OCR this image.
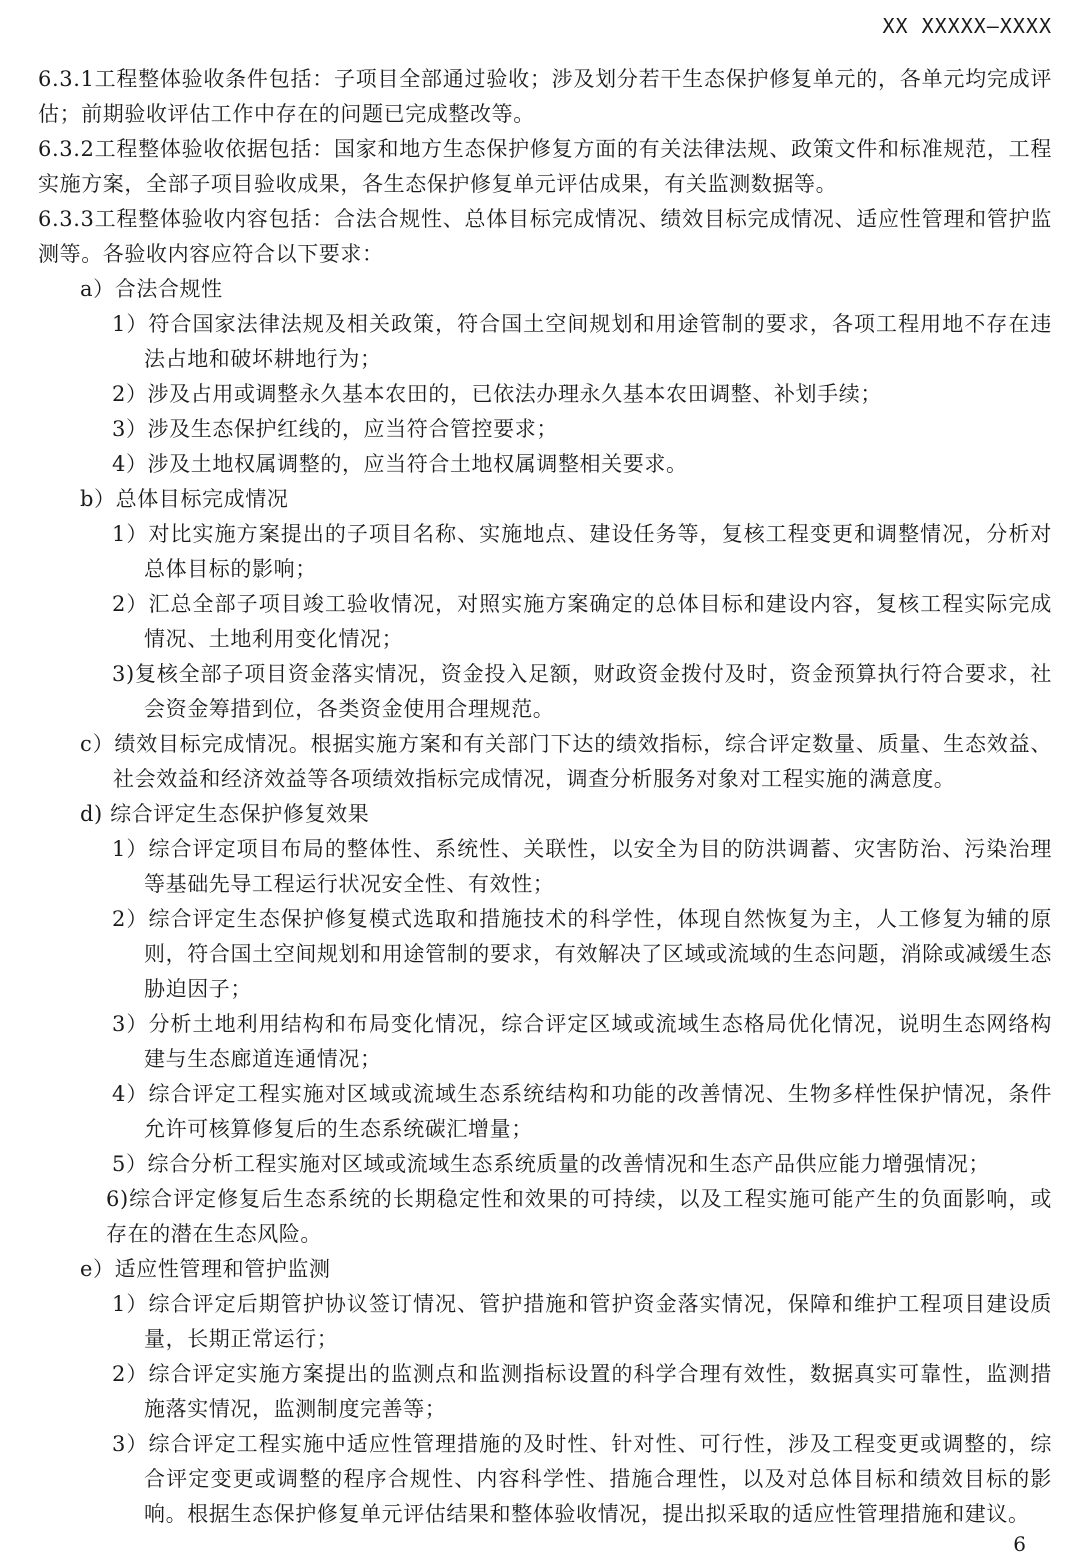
XX XXXXX—XXXX

6.3.1工程整体验收条件包括：子项目全部通过验收；涉及划分若干生态保护修复单元的，各单元均完成评估；前期验收评估工作中存在的问题已完成整改等。

6.3.2工程整体验收依据包括：国家和地方生态保护修复方面的有关法律法规、政策文件和标准规范，工程实施方案，全部子项目验收成果，各生态保护修复单元评估成果，有关监测数据等。

6.3.3工程整体验收内容包括：合法合规性、总体目标完成情况、绩效目标完成情况、适应性管理和管护监测等。各验收内容应符合以下要求：

a）合法合规性

1）符合国家法律法规及相关政策，符合国土空间规划和用途管制的要求，各项工程用地不存在违法占地和破坏耕地行为；

2）涉及占用或调整永久基本农田的，已依法办理永久基本农田调整、补划手续；

3）涉及生态保护红线的，应当符合管控要求；

4）涉及土地权属调整的，应当符合土地权属调整相关要求。

b）总体目标完成情况

1）对比实施方案提出的子项目名称、实施地点、建设任务等，复核工程变更和调整情况，分析对总体目标的影响；

2）汇总全部子项目竣工验收情况，对照实施方案确定的总体目标和建设内容，复核工程实际完成情况、土地利用变化情况；

3)复核全部子项目资金落实情况，资金投入足额，财政资金拨付及时，资金预算执行符合要求，社会资金筹措到位，各类资金使用合理规范。

c）绩效目标完成情况。根据实施方案和有关部门下达的绩效指标，综合评定数量、质量、生态效益、社会效益和经济效益等各项绩效指标完成情况，调查分析服务对象对工程实施的满意度。

d) 综合评定生态保护修复效果

1）综合评定项目布局的整体性、系统性、关联性，以安全为目的防洪调蓄、灾害防治、污染治理等基础先导工程运行状况安全性、有效性；

2）综合评定生态保护修复模式选取和措施技术的科学性，体现自然恢复为主，人工修复为辅的原则，符合国土空间规划和用途管制的要求，有效解决了区域或流域的生态问题，消除或减缓生态胁迫因子；

3）分析土地利用结构和布局变化情况，综合评定区域或流域生态格局优化情况，说明生态网络构建与生态廊道连通情况；

4）综合评定工程实施对区域或流域生态系统结构和功能的改善情况、生物多样性保护情况，条件允许可核算修复后的生态系统碳汇增量；

5）综合分析工程实施对区域或流域生态系统质量的改善情况和生态产品供应能力增强情况；

6)综合评定修复后生态系统的长期稳定性和效果的可持续，以及工程实施可能产生的负面影响，或存在的潜在生态风险。

e）适应性管理和管护监测

1）综合评定后期管护协议签订情况、管护措施和管护资金落实情况，保障和维护工程项目建设质量，长期正常运行；

2）综合评定实施方案提出的监测点和监测指标设置的科学合理有效性，数据真实可靠性，监测措施落实情况，监测制度完善等；

3）综合评定工程实施中适应性管理措施的及时性、针对性、可行性，涉及工程变更或调整的，综合评定变更或调整的程序合规性、内容科学性、措施合理性，以及对总体目标和绩效目标的影响。根据生态保护修复单元评估结果和整体验收情况，提出拟采取的适应性管理措施和建议。

6
